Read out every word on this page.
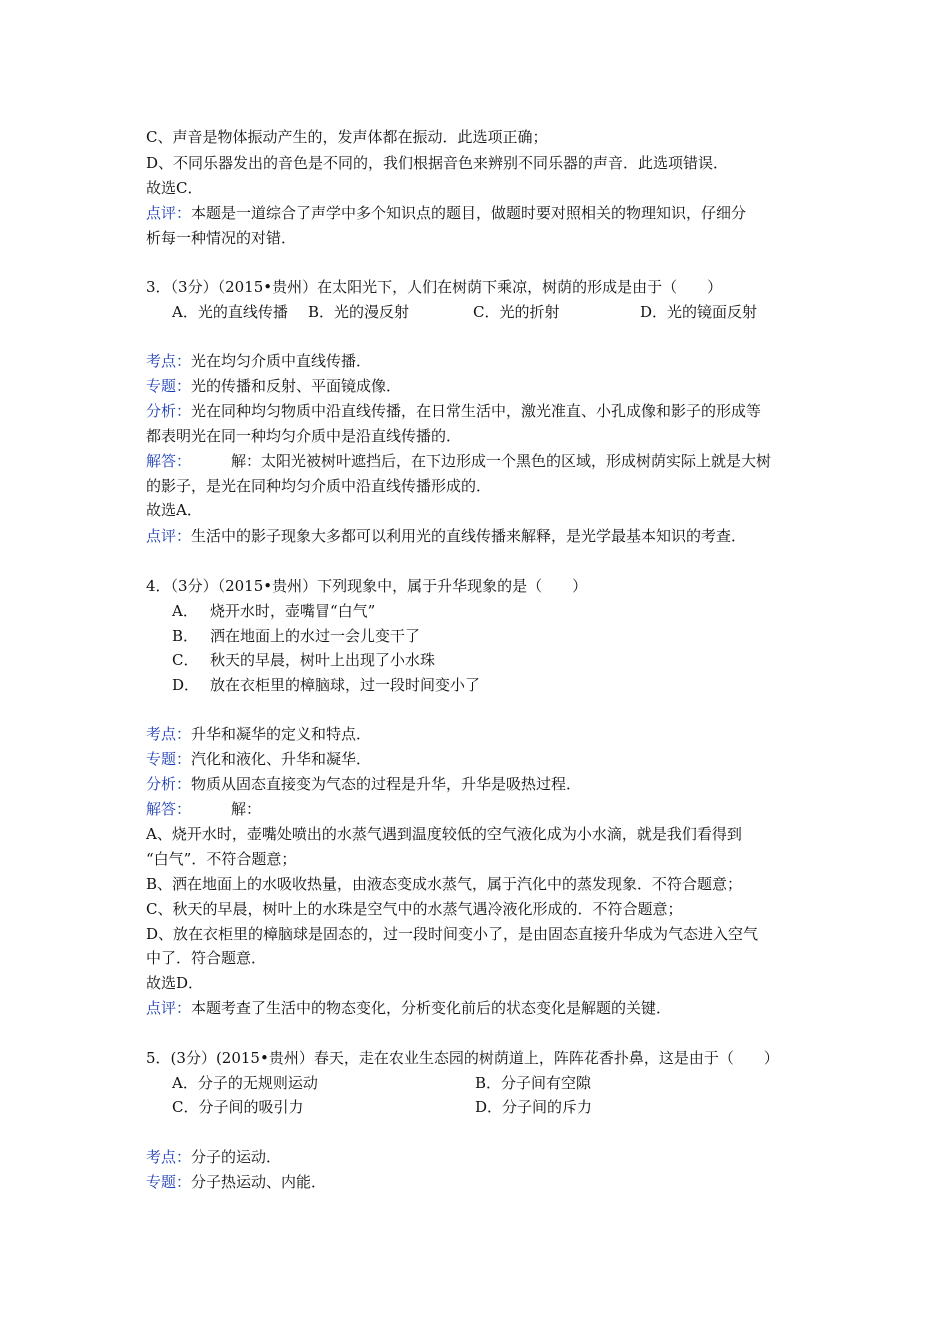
C、声音是物体振动产生的，发声体都在振动．此选项正确；
D、不同乐器发出的音色是不同的，我们根据音色来辨别不同乐器的声音．此选项错误．
故选C．
点评：本题是一道综合了声学中多个知识点的题目，做题时要对照相关的物理知识，仔细分
析每一种情况的对错．
3．（3分）（2015•贵州）在太阳光下，人们在树荫下乘凉，树荫的形成是由于（　　）
A．光的直线传播 B．光的漫反射	C．光的折射	D．光的镜面反射
考点：光在均匀介质中直线传播．
专题：光的传播和反射、平面镜成像．
分析：光在同种均匀物质中沿直线传播，在日常生活中，激光准直、小孔成像和影子的形成等
都表明光在同一种均匀介质中是沿直线传播的．
解答：	解：太阳光被树叶遮挡后，在下边形成一个黑色的区域，形成树荫实际上就是大树
的影子，是光在同种均匀介质中沿直线传播形成的．
故选A．
点评：生活中的影子现象大多都可以利用光的直线传播来解释，是光学最基本知识的考查．
4．（3分）（2015•贵州）下列现象中，属于升华现象的是（　　）
A． 烧开水时，壶嘴冒“白气”
B． 洒在地面上的水过一会儿变干了
C． 秋天的早晨，树叶上出现了小水珠
D． 放在衣柜里的樟脑球，过一段时间变小了
考点：升华和凝华的定义和特点．
专题：汽化和液化、升华和凝华．
分析：物质从固态直接变为气态的过程是升华，升华是吸热过程．
解答：	解：
A、烧开水时，壶嘴处喷出的水蒸气遇到温度较低的空气液化成为小水滴，就是我们看得到
“白气”．不符合题意；
B、洒在地面上的水吸收热量，由液态变成水蒸气，属于汽化中的蒸发现象．不符合题意；
C、秋天的早晨，树叶上的水珠是空气中的水蒸气遇冷液化形成的．不符合题意；
D、放在衣柜里的樟脑球是固态的，过一段时间变小了，是由固态直接升华成为气态进入空气
中了．符合题意．
故选D．
点评：本题考查了生活中的物态变化，分析变化前后的状态变化是解题的关键．
5．(3分）(2015•贵州）春天，走在农业生态园的树荫道上，阵阵花香扑鼻，这是由于（　　）
A．分子的无规则运动	B．分子间有空隙
C．分子间的吸引力	D．分子间的斥力
考点：分子的运动．
专题：分子热运动、内能．
